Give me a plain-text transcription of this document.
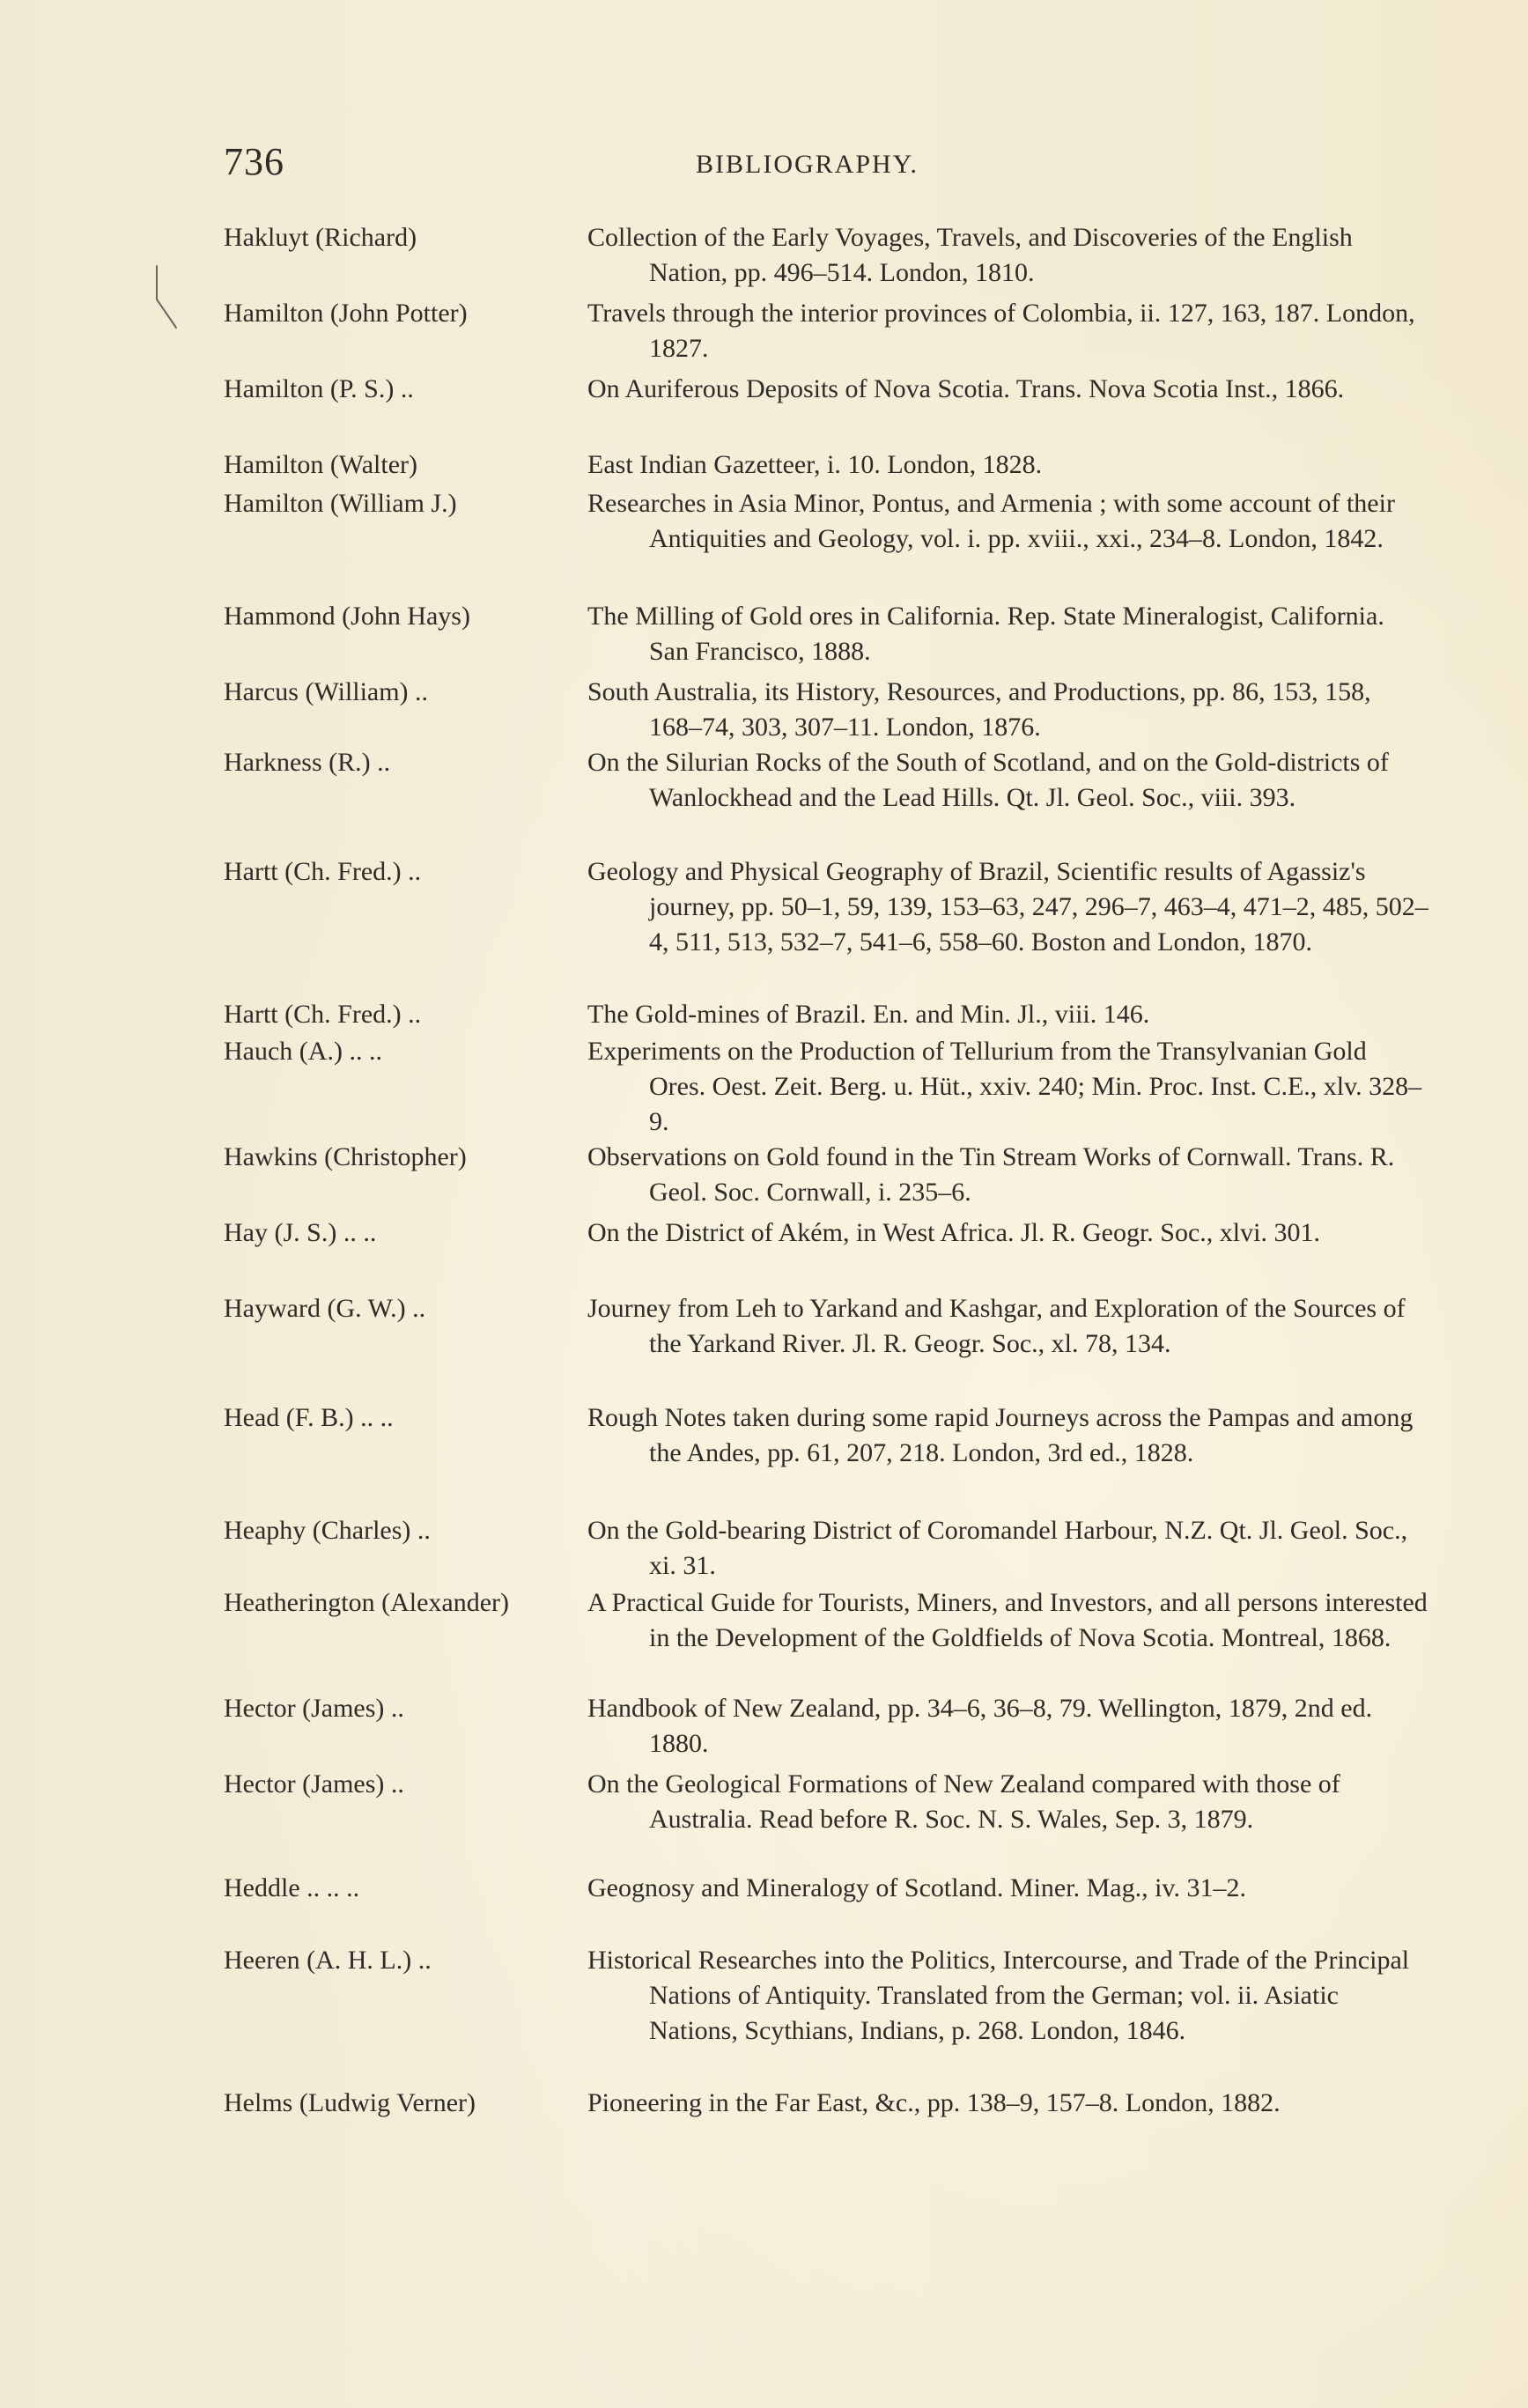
736	BIBLIOGRAPHY.
Hakluyt (Richard)	Collection of the Early Voyages, Travels, and Discoveries of the English Nation, pp. 496–514. London, 1810.
Hamilton (John Potter)	Travels through the interior provinces of Colombia, ii. 127, 163, 187. London, 1827.
Hamilton (P. S.) ..	On Auriferous Deposits of Nova Scotia. Trans. Nova Scotia Inst., 1866.
Hamilton (Walter)	East Indian Gazetteer, i. 10. London, 1828.
Hamilton (William J.)	Researches in Asia Minor, Pontus, and Armenia ; with some account of their Antiquities and Geology, vol. i. pp. xviii., xxi., 234–8. London, 1842.
Hammond (John Hays)	The Milling of Gold ores in California. Rep. State Mineralogist, California. San Francisco, 1888.
Harcus (William) ..	South Australia, its History, Resources, and Productions, pp. 86, 153, 158, 168–74, 303, 307–11. London, 1876.
Harkness (R.) ..	On the Silurian Rocks of the South of Scotland, and on the Gold-districts of Wanlockhead and the Lead Hills. Qt. Jl. Geol. Soc., viii. 393.
Hartt (Ch. Fred.) ..	Geology and Physical Geography of Brazil, Scientific results of Agassiz's journey, pp. 50–1, 59, 139, 153–63, 247, 296–7, 463–4, 471–2, 485, 502–4, 511, 513, 532–7, 541–6, 558–60. Boston and London, 1870.
Hartt (Ch. Fred.) ..	The Gold-mines of Brazil. En. and Min. Jl., viii. 146.
Hauch (A.) .. ..	Experiments on the Production of Tellurium from the Transylvanian Gold Ores. Oest. Zeit. Berg. u. Hüt., xxiv. 240; Min. Proc. Inst. C.E., xlv. 328–9.
Hawkins (Christopher)	Observations on Gold found in the Tin Stream Works of Cornwall. Trans. R. Geol. Soc. Cornwall, i. 235–6.
Hay (J. S.) .. ..	On the District of Akém, in West Africa. Jl. R. Geogr. Soc., xlvi. 301.
Hayward (G. W.) ..	Journey from Leh to Yarkand and Kashgar, and Exploration of the Sources of the Yarkand River. Jl. R. Geogr. Soc., xl. 78, 134.
Head (F. B.) .. ..	Rough Notes taken during some rapid Journeys across the Pampas and among the Andes, pp. 61, 207, 218. London, 3rd ed., 1828.
Heaphy (Charles) ..	On the Gold-bearing District of Coromandel Harbour, N.Z. Qt. Jl. Geol. Soc., xi. 31.
Heatherington (Alexander)	A Practical Guide for Tourists, Miners, and Investors, and all persons interested in the Development of the Goldfields of Nova Scotia. Montreal, 1868.
Hector (James) ..	Handbook of New Zealand, pp. 34–6, 36–8, 79. Wellington, 1879, 2nd ed. 1880.
Hector (James) ..	On the Geological Formations of New Zealand compared with those of Australia. Read before R. Soc. N. S. Wales, Sep. 3, 1879.
Heddle .. .. ..	Geognosy and Mineralogy of Scotland. Miner. Mag., iv. 31–2.
Heeren (A. H. L.) ..	Historical Researches into the Politics, Intercourse, and Trade of the Principal Nations of Antiquity. Translated from the German; vol. ii. Asiatic Nations, Scythians, Indians, p. 268. London, 1846.
Helms (Ludwig Verner)	Pioneering in the Far East, &c., pp. 138–9, 157–8. London, 1882.
